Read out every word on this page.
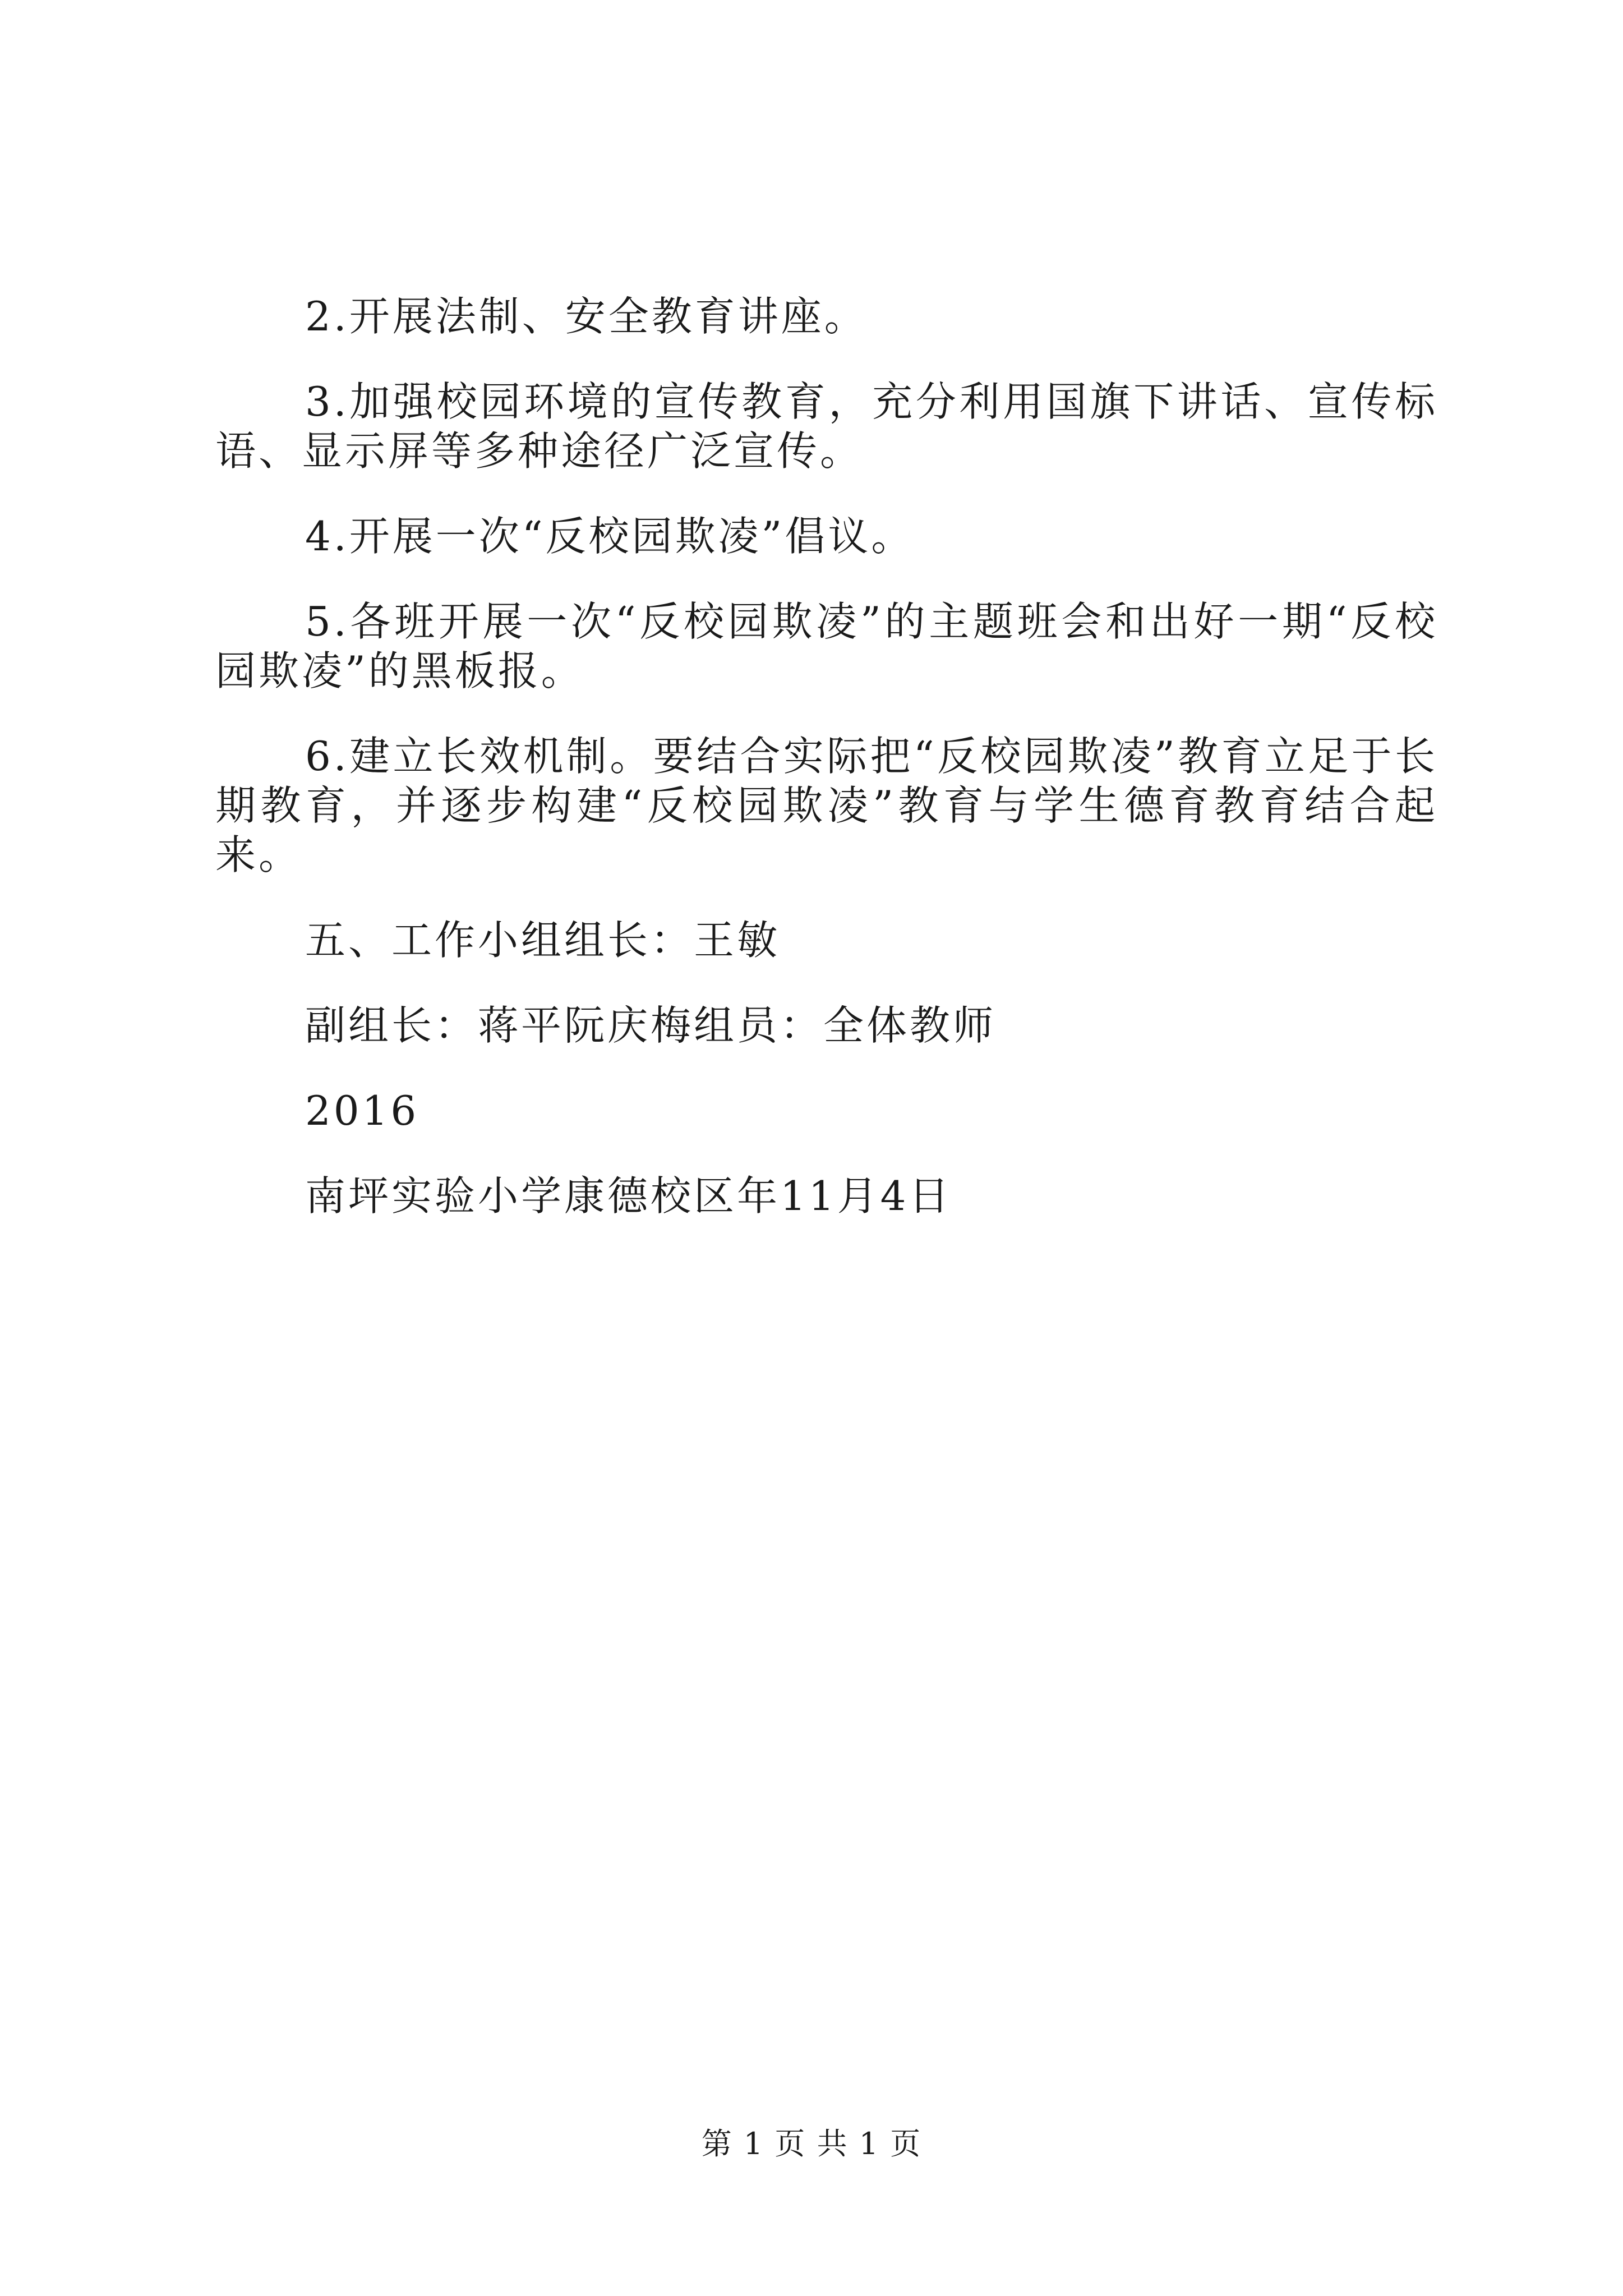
2.开展法制、安全教育讲座。

3.加强校园环境的宣传教育，充分利用国旗下讲话、宣传标语、显示屏等多种途径广泛宣传。

4.开展一次“反校园欺凌”倡议。

5.各班开展一次“反校园欺凌”的主题班会和出好一期“反校园欺凌”的黑板报。

6.建立长效机制。要结合实际把“反校园欺凌”教育立足于长期教育，并逐步构建“反校园欺凌”教育与学生德育教育结合起来。

五、工作小组组长：王敏

副组长：蒋平阮庆梅组员：全体教师

2016

南坪实验小学康德校区年11月4日

第 1 页 共 1 页
